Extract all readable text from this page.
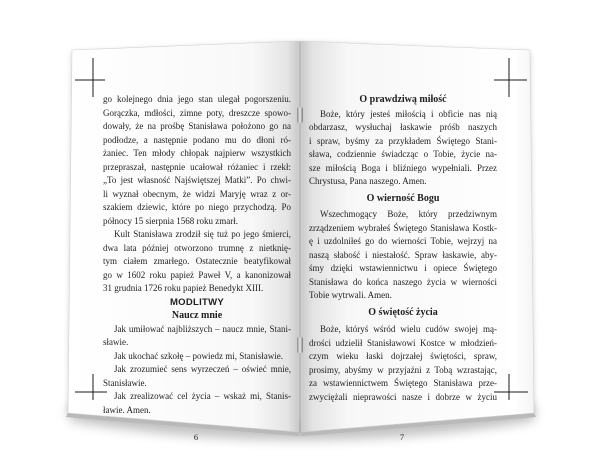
go kolejnego dnia jego stan ulegał pogorszeniu.
Gorączka, mdłości, zimne poty, dreszcze spowo-
dowały, że na prośbę Stanisława położono go na
podłodze, a następnie podano mu do dłoni ró-
żaniec. Ten młody chłopak najpierw wszystkich
przepraszał, następnie ucałował różaniec i rzekł:
„To jest własność Najświętszej Matki”. Po chwi-
li wyznał obecnym, że widzi Maryję wraz z or-
szakiem dziewic, które po niego przychodzą. Po
północy 15 sierpnia 1568 roku zmarł.
Kult Stanisława zrodził się tuż po jego śmierci,
dwa lata później otworzono trumnę z nietknię-
tym ciałem zmarłego. Ostatecznie beatyfikował
go w 1602 roku papież Paweł V, a kanonizował
31 grudnia 1726 roku papież Benedykt XIII.
MODLITWY
Naucz mnie
Jak umiłować najbliższych – naucz mnie, Stani-
sławie.
Jak ukochać szkołę – powiedz mi, Stanisławie.
Jak zrozumieć sens wyrzeczeń – oświeć mnie,
Stanisławie.
Jak zrealizować cel życia – wskaż mi, Stanis-
ławie. Amen.
O prawdziwą miłość
Boże, który jesteś miłością i obficie nas nią
obdarzasz, wysłuchaj łaskawie próśb naszych
i spraw, byśmy za przykładem Świętego Stani-
sława, codziennie świadcząc o Tobie, życie na-
sze miłością Boga i bliźniego wypełniali. Przez
Chrystusa, Pana naszego. Amen.
O wierność Bogu
Wszechmogący Boże, który przedziwnym
zrządzeniem wybrałeś Świętego Stanisława Kostk-
ę i uzdolniłeś go do wierności Tobie, wejrzyj na
naszą słabość i niestałość. Spraw łaskawie, aby-
śmy dzięki wstawiennictwu i opiece Świętego
Stanisława do końca naszego życia w wierności
Tobie wytrwali. Amen.
O świętość życia
Boże, któryś wśród wielu cudów swojej mą-
drości udzielił Stanisławowi Kostce w młodzień-
czym wieku łaski dojrzałej świętości, spraw,
prosimy, abyśmy w przyjaźni z Tobą wzrastając,
za wstawiennictwem Świętego Stanisława prze-
zwyciężali nieprawości nasze i dobrze w życiu
6	7
